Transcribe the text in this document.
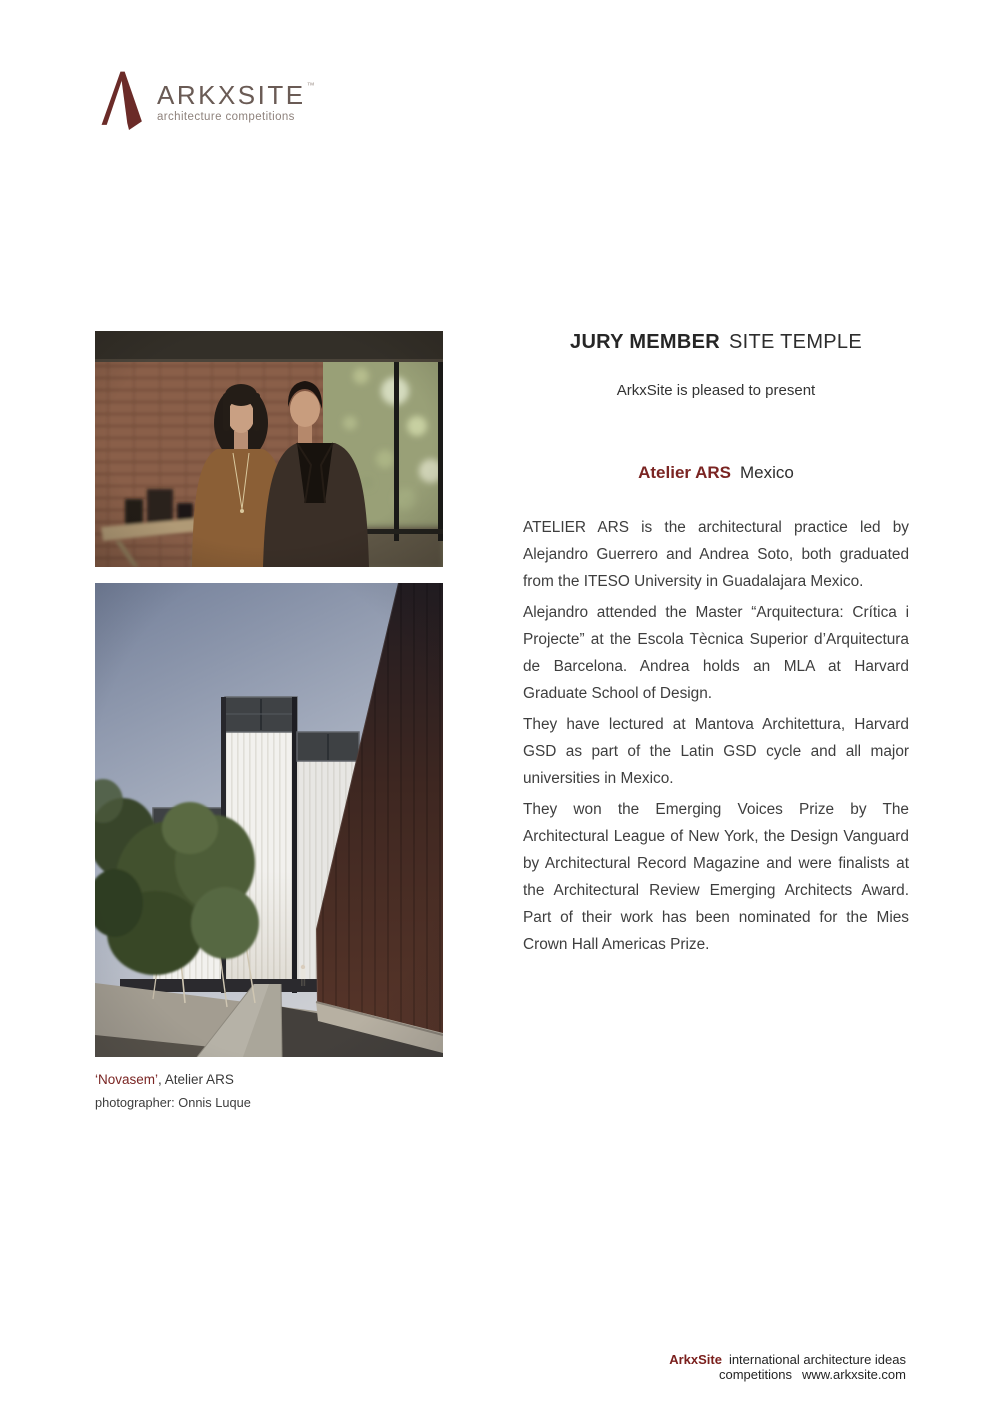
ARKXSITE™
architecture competitions

‘Novasem’, Atelier ARS

photographer: Onnis Luque

JURY MEMBER SITE TEMPLE

ArkxSite is pleased to present

Atelier ARS Mexico

ATELIER ARS is the architectural practice led by Alejandro Guerrero and Andrea Soto, both graduated from the ITESO University in Guadalajara Mexico.

Alejandro attended the Master “Arquitectura: Crítica i Projecte” at the Escola Tècnica Superior d’Arquitectura de Barcelona. Andrea holds an MLA at Harvard Graduate School of Design.

They have lectured at Mantova Architettura, Harvard GSD as part of the Latin GSD cycle and all major universities in Mexico.

They won the Emerging Voices Prize by The Architectural League of New York, the Design Vanguard by Architectural Record Magazine and were finalists at the Architectural Review Emerging Architects Award. Part of their work has been nominated for the Mies Crown Hall Americas Prize.

ArkxSite international architecture ideas competitions www.arkxsite.com
